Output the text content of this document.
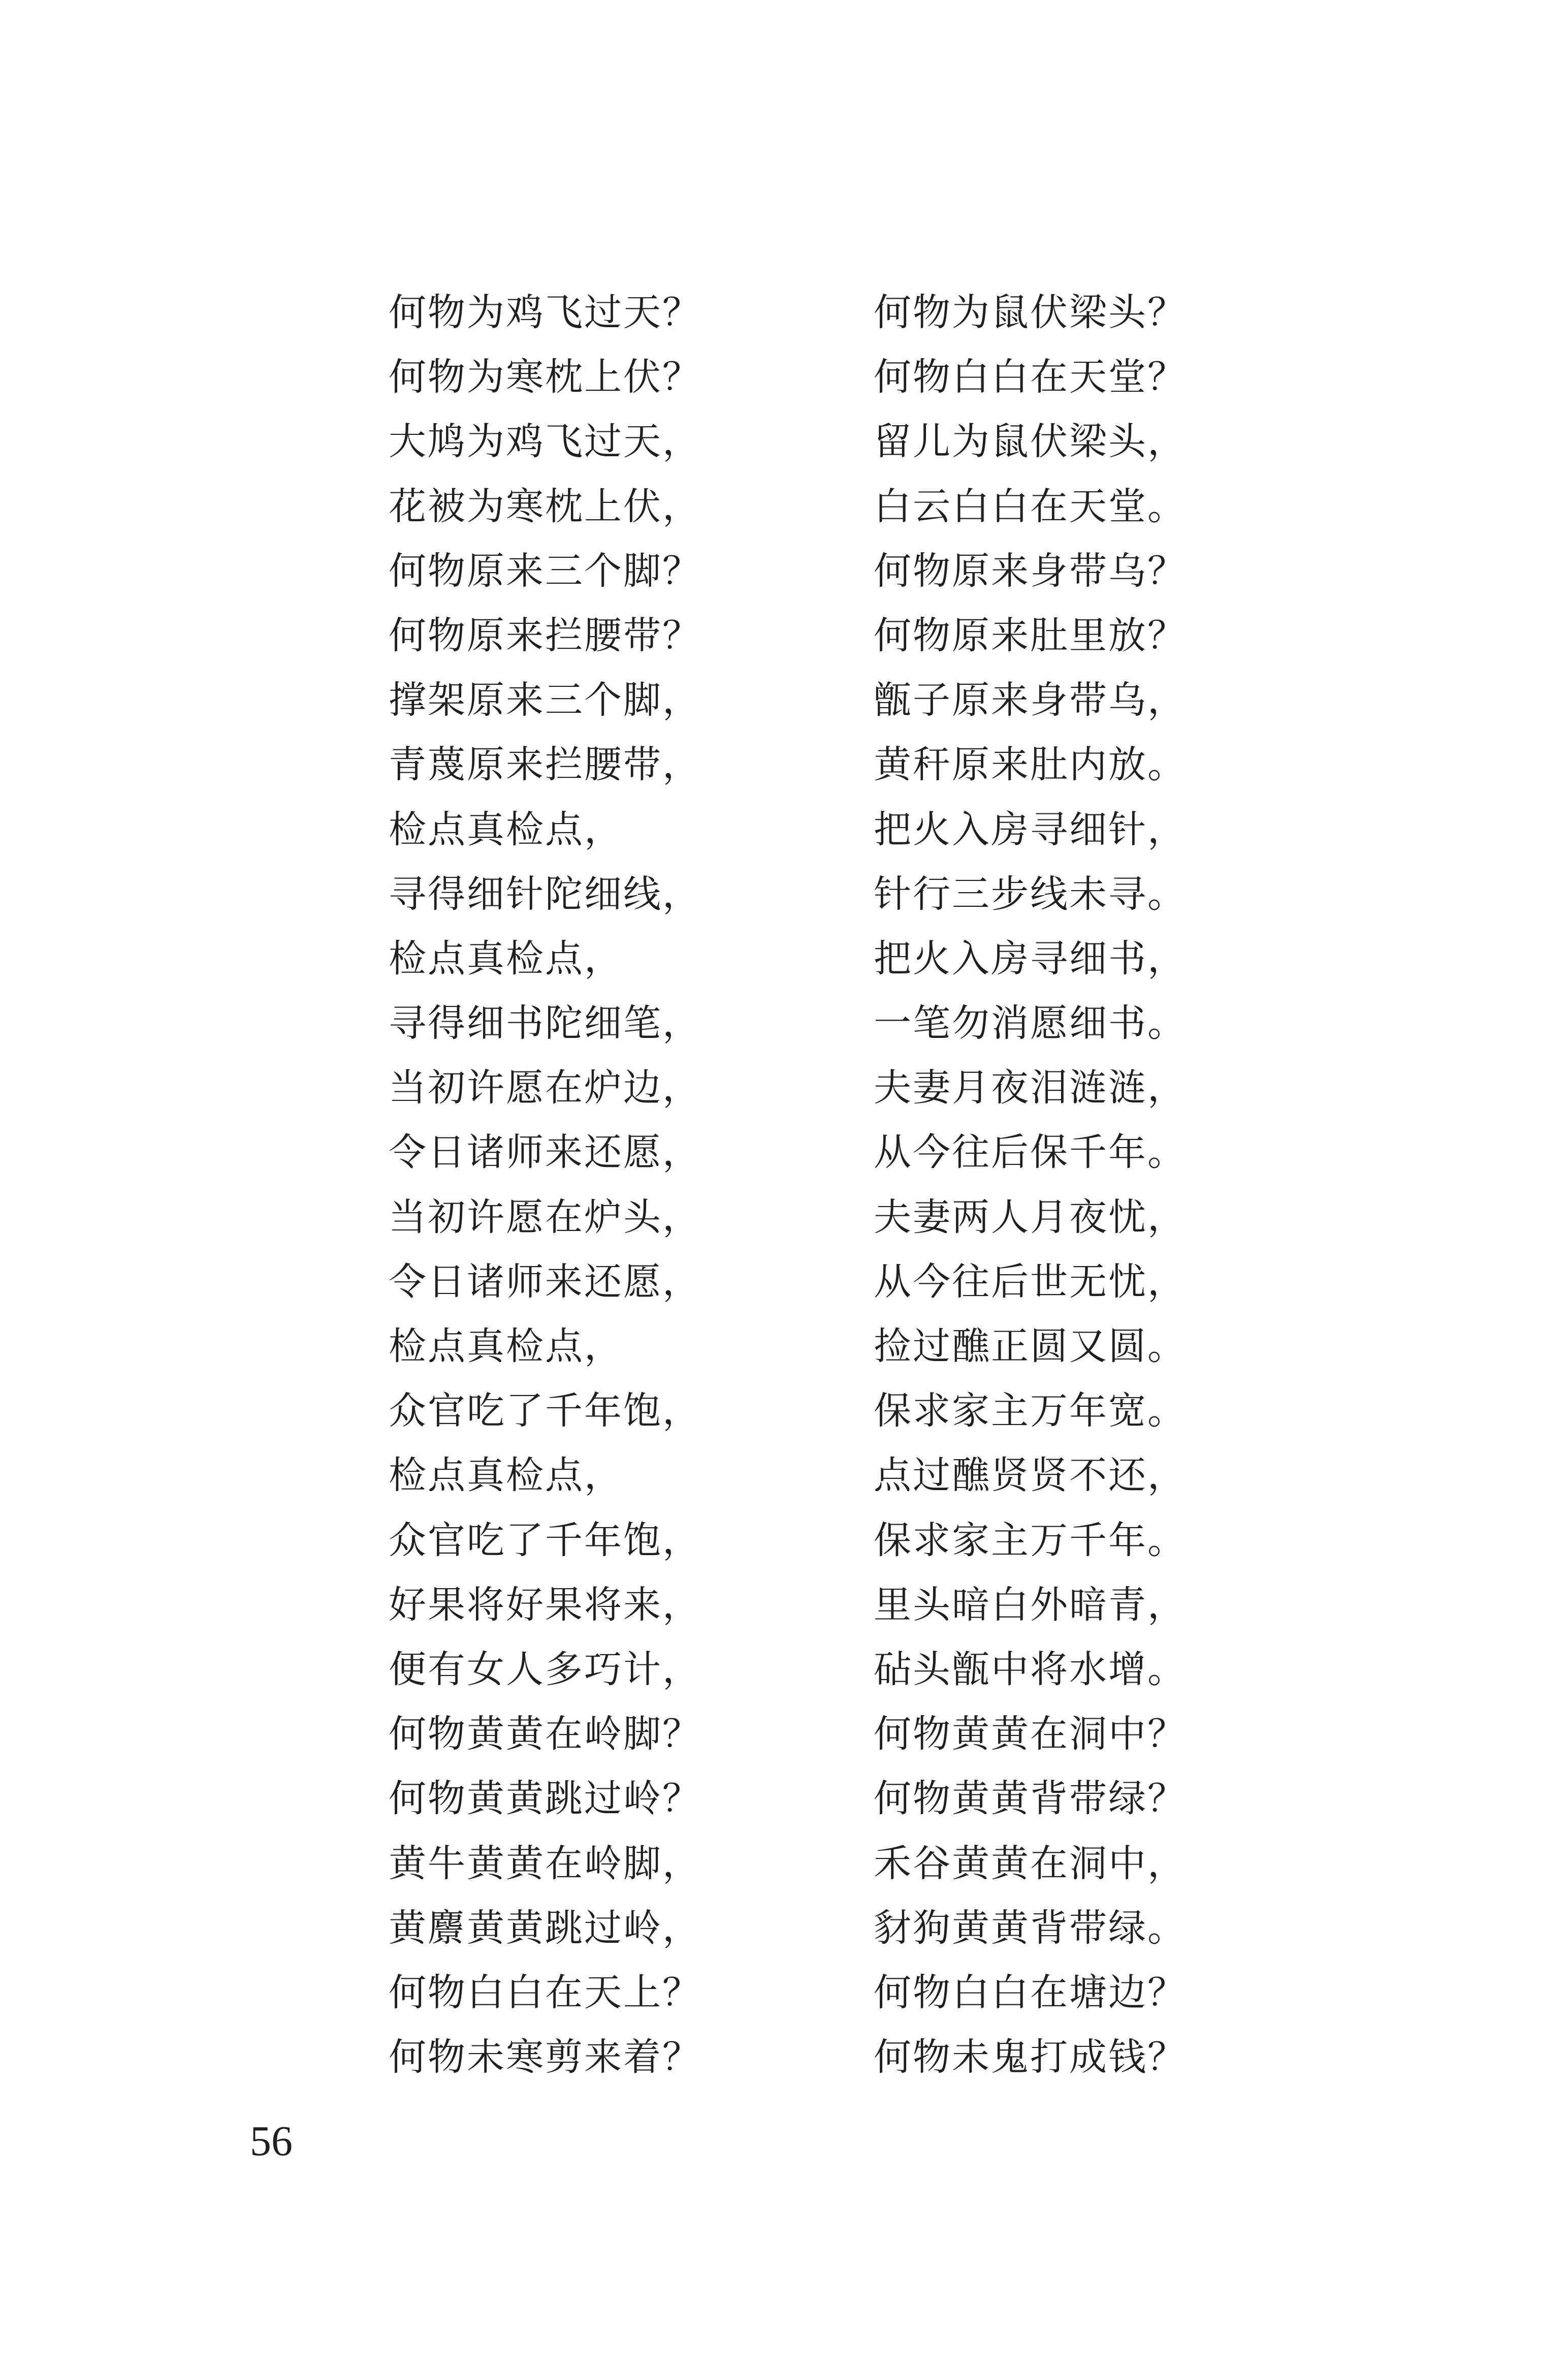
何物为鸡飞过天？
何物为寒枕上伏？
大鸠为鸡飞过天，
花被为寒枕上伏，
何物原来三个脚？
何物原来拦腰带？
撑架原来三个脚，
青蔑原来拦腰带，
检点真检点，
寻得细针陀细线，
检点真检点，
寻得细书陀细笔，
当初许愿在炉边，
令日诸师来还愿，
当初许愿在炉头，
令日诸师来还愿，
检点真检点，
众官吃了千年饱，
检点真检点，
众官吃了千年饱，
好果将好果将来，
便有女人多巧计，
何物黄黄在岭脚？
何物黄黄跳过岭？
黄牛黄黄在岭脚，
黄麖黄黄跳过岭，
何物白白在天上？
何物未寒剪来着？
何物为鼠伏梁头？
何物白白在天堂？
留儿为鼠伏梁头，
白云白白在天堂。
何物原来身带乌？
何物原来肚里放？
甑子原来身带乌，
黄秆原来肚内放。
把火入房寻细针，
针行三步线未寻。
把火入房寻细书，
一笔勿消愿细书。
夫妻月夜泪涟涟，
从今往后保千年。
夫妻两人月夜忧，
从今往后世无忧，
捡过醮正圆又圆。
保求家主万年宽。
点过醮贤贤不还，
保求家主万千年。
里头暗白外暗青，
砧头甑中将水增。
何物黄黄在洞中？
何物黄黄背带绿？
禾谷黄黄在洞中，
豺狗黄黄背带绿。
何物白白在塘边？
何物未鬼打成钱？
56
